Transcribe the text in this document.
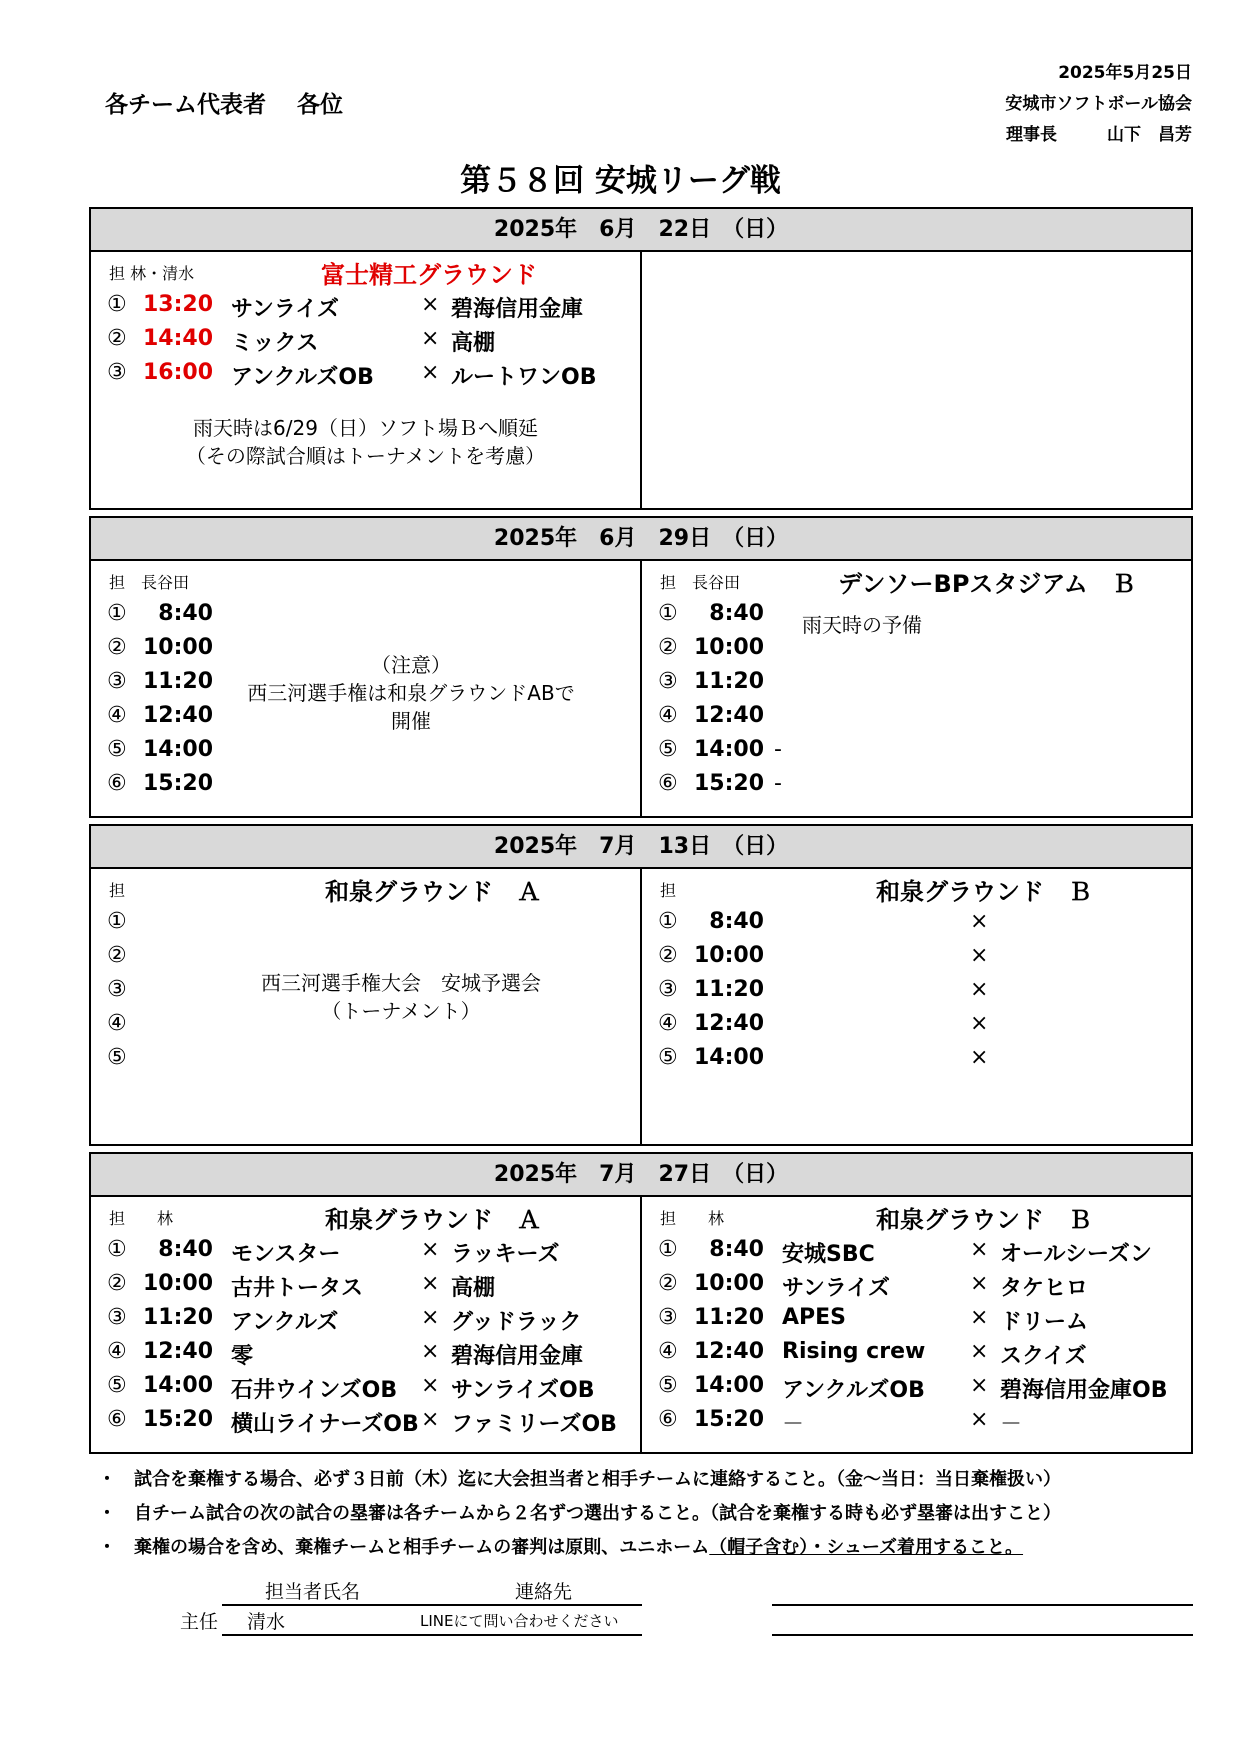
2025年5月25日
安城市ソフトボール協会
理事長	山下　昌芳
各チーム代表者　 各位
第５８回 安城リーグ戦
2025年　6月　22日　（日）
担 林・清水	富士精工グラウンド
① 13:20 サンライズ	× 碧海信用金庫
② 14:40 ミックス	× 高棚
③ 16:00 アンクルズOB	× ルートワンOB
雨天時は6/29（日）ソフト場Ｂへ順延
（その際試合順はトーナメントを考慮）
2025年　6月　29日　（日）
担　長谷田
①	8:40
② 10:00
③ 11:20
④ 12:40
⑤ 14:00
⑥ 15:20
（注意）
西三河選手権は和泉グラウンドABで
開催
担　長谷田	デンソーBPスタジアム　Ｂ
①	8:40
② 10:00
③ 11:20
④ 12:40
⑤ 14:00 -
⑥ 15:20 -
雨天時の予備
2025年　7月　13日　（日）
担	和泉グラウンド　Ａ
①
②
③
④
⑤
西三河選手権大会　安城予選会
（トーナメント）
担	和泉グラウンド　Ｂ
①	8:40	×
② 10:00	×
③ 11:20	×
④ 12:40	×
⑤ 14:00	×
2025年　7月　27日　（日）
担　　林	和泉グラウンド　Ａ
①	8:40 モンスター	× ラッキーズ
② 10:00 古井トータス	× 高棚
③ 11:20 アンクルズ	× グッドラック
④ 12:40 零	× 碧海信用金庫
⑤ 14:00 石井ウインズOB	× サンライズOB
⑥ 15:20 横山ライナーズOB × ファミリーズOB
担　　林	和泉グラウンド　Ｂ
①	8:40 安城SBC	× オールシーズン
② 10:00 サンライズ	× タケヒロ
③ 11:20 APES	× ドリーム
④ 12:40 Rising crew	× スクイズ
⑤ 14:00 アンクルズOB	× 碧海信用金庫OB
⑥ 15:20 －	× －
・ 試合を棄権する場合、必ず３日前（木）迄に大会担当者と相手チームに連絡すること。（金～当日：当日棄権扱い）
・ 自チーム試合の次の試合の塁審は各チームから２名ずつ選出すること。（試合を棄権する時も必ず塁審は出すこと）
・ 棄権の場合を含め、棄権チームと相手チームの審判は原則、ユニホーム（帽子含む）・シューズ着用すること。
担当者氏名	連絡先
主任 清水	LINEにて問い合わせください
